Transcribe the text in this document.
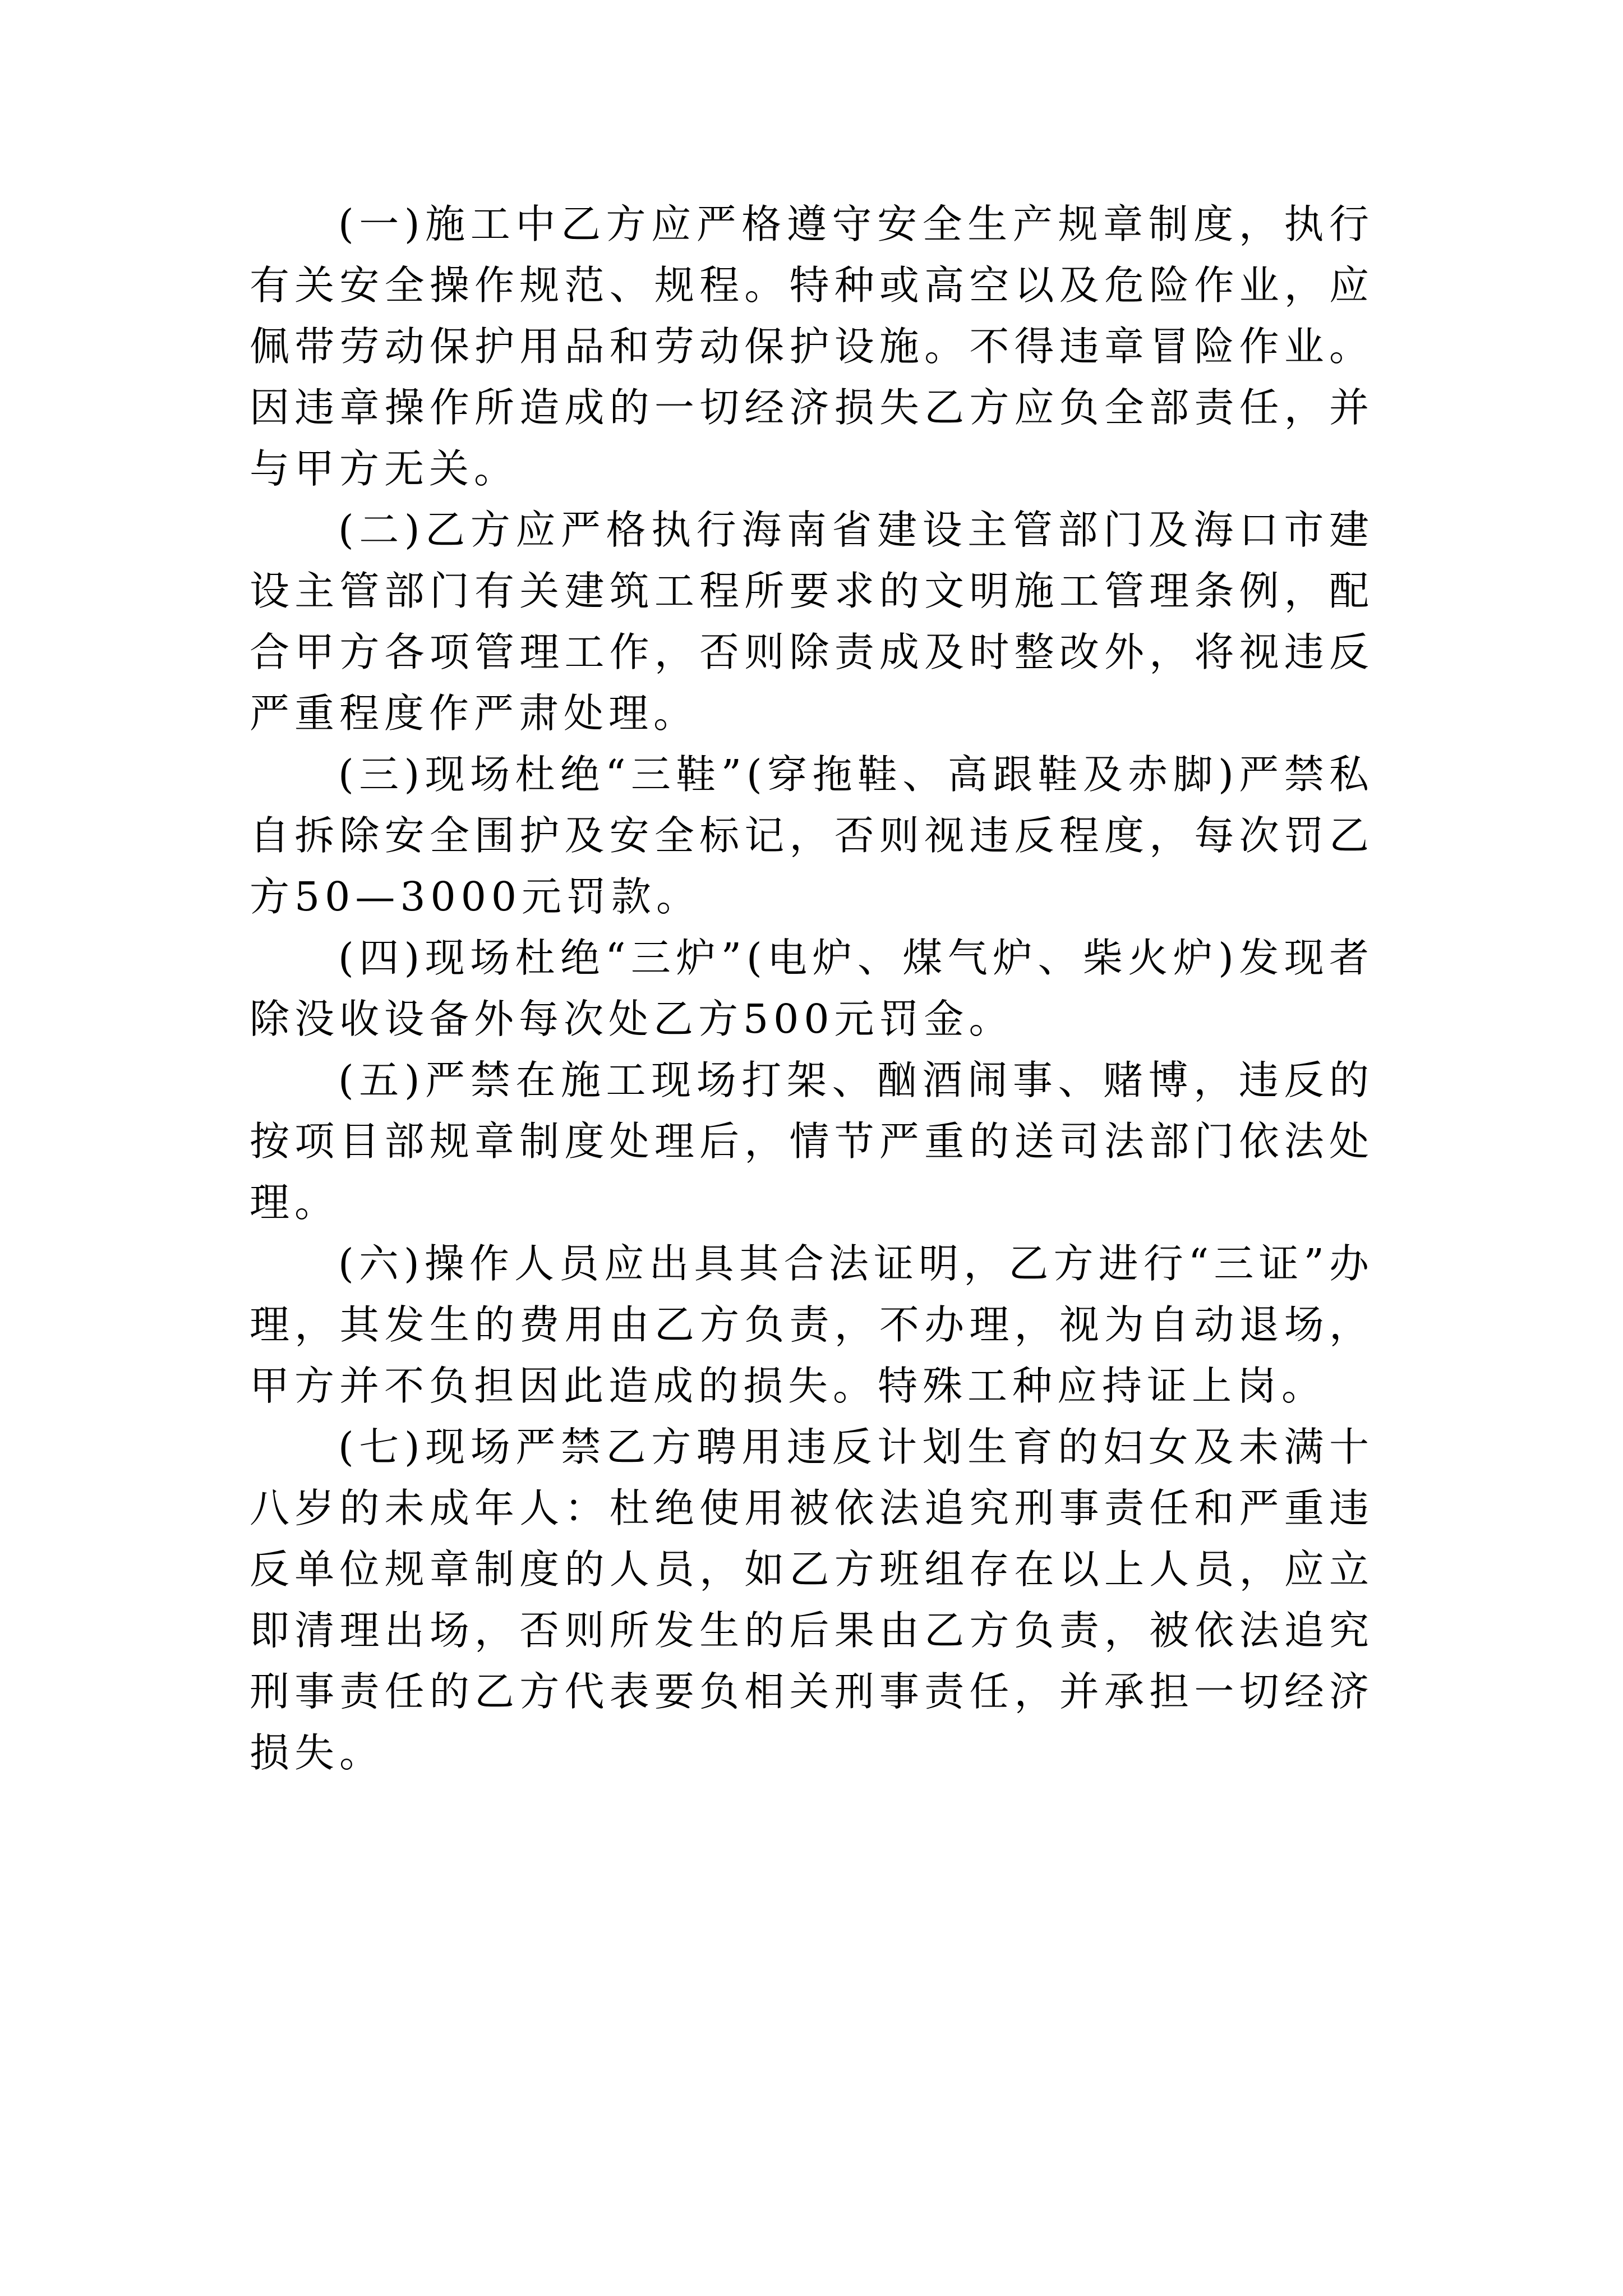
(一)施工中乙方应严格遵守安全生产规章制度，执行有关安全操作规范、规程。特种或高空以及危险作业，应佩带劳动保护用品和劳动保护设施。不得违章冒险作业。因违章操作所造成的一切经济损失乙方应负全部责任，并与甲方无关。

(二)乙方应严格执行海南省建设主管部门及海口市建设主管部门有关建筑工程所要求的文明施工管理条例，配合甲方各项管理工作，否则除责成及时整改外，将视违反严重程度作严肃处理。

(三)现场杜绝“三鞋”(穿拖鞋、高跟鞋及赤脚)严禁私自拆除安全围护及安全标记，否则视违反程度，每次罚乙方50—3000元罚款。

(四)现场杜绝“三炉”(电炉、煤气炉、柴火炉)发现者除没收设备外每次处乙方500元罚金。

(五)严禁在施工现场打架、酗酒闹事、赌博，违反的按项目部规章制度处理后，情节严重的送司法部门依法处理。

(六)操作人员应出具其合法证明，乙方进行“三证”办理，其发生的费用由乙方负责，不办理，视为自动退场，甲方并不负担因此造成的损失。特殊工种应持证上岗。

(七)现场严禁乙方聘用违反计划生育的妇女及未满十八岁的未成年人：杜绝使用被依法追究刑事责任和严重违反单位规章制度的人员，如乙方班组存在以上人员，应立即清理出场，否则所发生的后果由乙方负责，被依法追究刑事责任的乙方代表要负相关刑事责任，并承担一切经济损失。
